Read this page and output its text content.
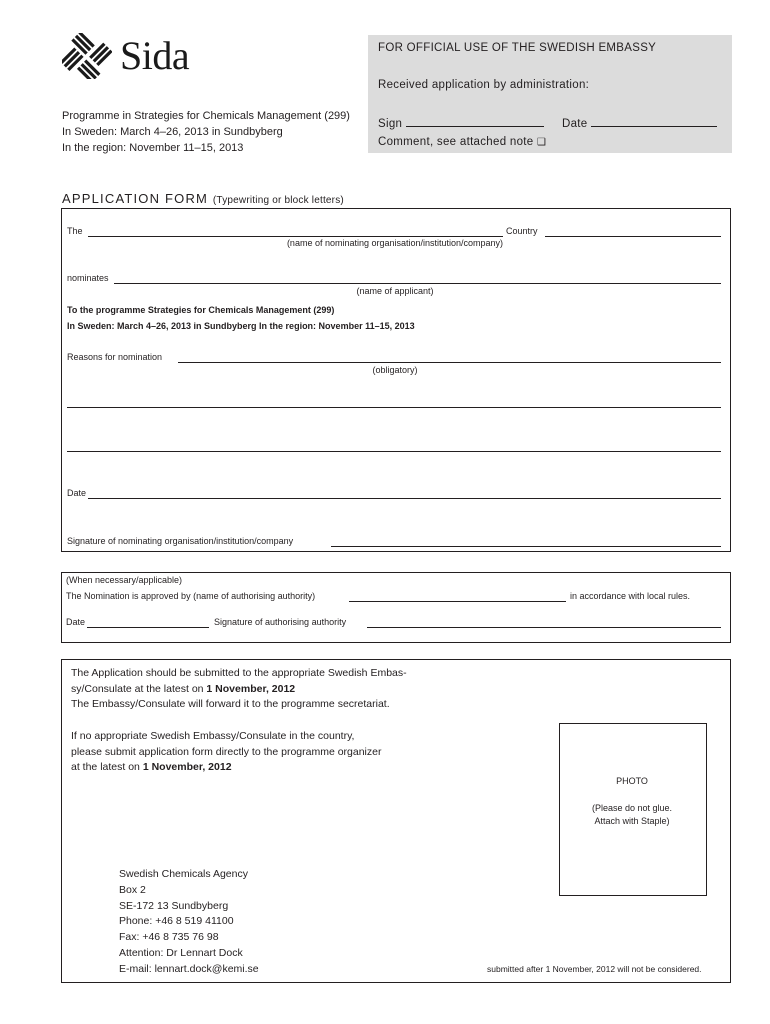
Sida
Programme in Strategies for Chemicals Management (299)
In Sweden: March 4–26, 2013 in Sundbyberg
In the region: November 11–15, 2013
FOR OFFICIAL USE OF THE SWEDISH EMBASSY
Received application by administration:
Sign	Date
Comment, see attached note ❑
APPLICATION FORM (Typewriting or block letters)
The	Country
(name of nominating organisation/institution/company)
nominates
(name of applicant)
To the programme Strategies for Chemicals Management (299)
In Sweden: March 4–26, 2013 in Sundbyberg In the region: November 11–15, 2013
Reasons for nomination
(obligatory)
Date
Signature of nominating organisation/institution/company
(When necessary/applicable)
The Nomination is approved by (name of authorising authority)	in accordance with local rules.
Date	Signature of authorising authority
The Application should be submitted to the appropriate Swedish Embas-
sy/Consulate at the latest on 1 November, 2012
The Embassy/Consulate will forward it to the programme secretariat.
If no appropriate Swedish Embassy/Consulate in the country,
please submit application form directly to the programme organizer
at the latest on 1 November, 2012
Swedish Chemicals Agency
Box 2
SE-172 13 Sundbyberg
Phone: +46 8 519 41100
Fax: +46 8 735 76 98
Attention: Dr Lennart Dock
E-mail: lennart.dock@kemi.se
PHOTO
(Please do not glue.
Attach with Staple)
submitted after 1 November, 2012 will not be considered.
